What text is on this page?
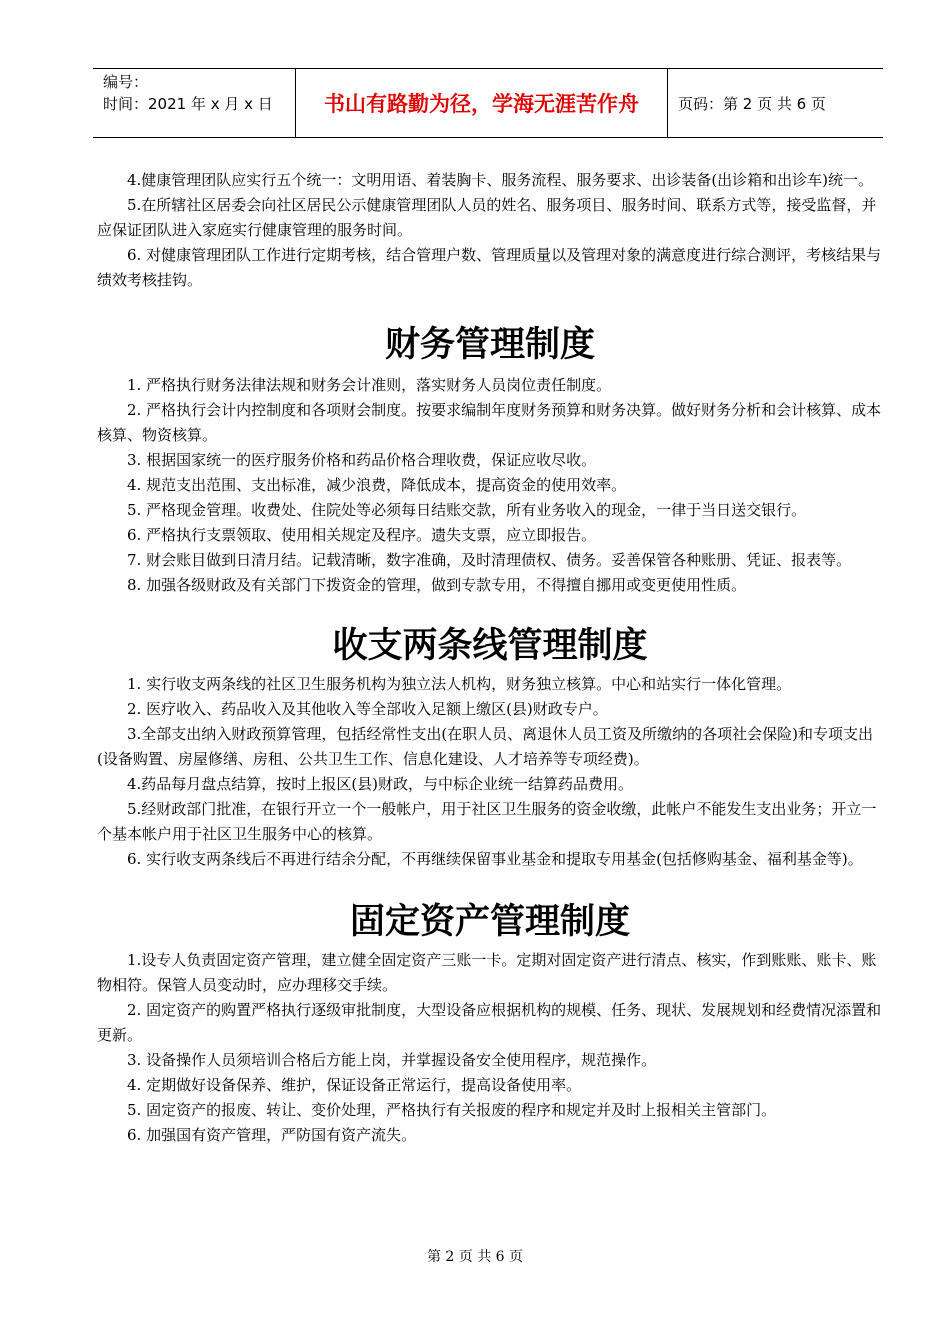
编号：
时间：2021 年 x 月 x 日	书山有路勤为径，学海无涯苦作舟	页码：第 2 页 共 6 页

4.健康管理团队应实行五个统一：文明用语、着装胸卡、服务流程、服务要求、出诊装备(出诊箱和出诊车)统一。

5.在所辖社区居委会向社区居民公示健康管理团队人员的姓名、服务项目、服务时间、联系方式等，接受监督，并应保证团队进入家庭实行健康管理的服务时间。

6. 对健康管理团队工作进行定期考核，结合管理户数、管理质量以及管理对象的满意度进行综合测评，考核结果与绩效考核挂钩。

财务管理制度

1. 严格执行财务法律法规和财务会计准则，落实财务人员岗位责任制度。

2. 严格执行会计内控制度和各项财会制度。按要求编制年度财务预算和财务决算。做好财务分析和会计核算、成本核算、物资核算。

3. 根据国家统一的医疗服务价格和药品价格合理收费，保证应收尽收。

4. 规范支出范围、支出标准，减少浪费，降低成本，提高资金的使用效率。

5. 严格现金管理。收费处、住院处等必须每日结账交款，所有业务收入的现金，一律于当日送交银行。

6. 严格执行支票领取、使用相关规定及程序。遗失支票，应立即报告。

7. 财会账目做到日清月结。记载清晰，数字准确，及时清理债权、债务。妥善保管各种账册、凭证、报表等。

8. 加强各级财政及有关部门下拨资金的管理，做到专款专用，不得擅自挪用或变更使用性质。

收支两条线管理制度

1. 实行收支两条线的社区卫生服务机构为独立法人机构，财务独立核算。中心和站实行一体化管理。

2. 医疗收入、药品收入及其他收入等全部收入足额上缴区(县)财政专户。

3.全部支出纳入财政预算管理，包括经常性支出(在职人员、离退休人员工资及所缴纳的各项社会保险)和专项支出(设备购置、房屋修缮、房租、公共卫生工作、信息化建设、人才培养等专项经费)。

4.药品每月盘点结算，按时上报区(县)财政，与中标企业统一结算药品费用。

5.经财政部门批准，在银行开立一个一般帐户，用于社区卫生服务的资金收缴，此帐户不能发生支出业务；开立一个基本帐户用于社区卫生服务中心的核算。

6. 实行收支两条线后不再进行结余分配，不再继续保留事业基金和提取专用基金(包括修购基金、福利基金等)。

固定资产管理制度

1.设专人负责固定资产管理，建立健全固定资产三账一卡。定期对固定资产进行清点、核实，作到账账、账卡、账物相符。保管人员变动时，应办理移交手续。

2. 固定资产的购置严格执行逐级审批制度，大型设备应根据机构的规模、任务、现状、发展规划和经费情况添置和更新。

3. 设备操作人员须培训合格后方能上岗，并掌握设备安全使用程序，规范操作。

4. 定期做好设备保养、维护，保证设备正常运行，提高设备使用率。

5. 固定资产的报废、转让、变价处理，严格执行有关报废的程序和规定并及时上报相关主管部门。

6. 加强国有资产管理，严防国有资产流失。

第 2 页 共 6 页
